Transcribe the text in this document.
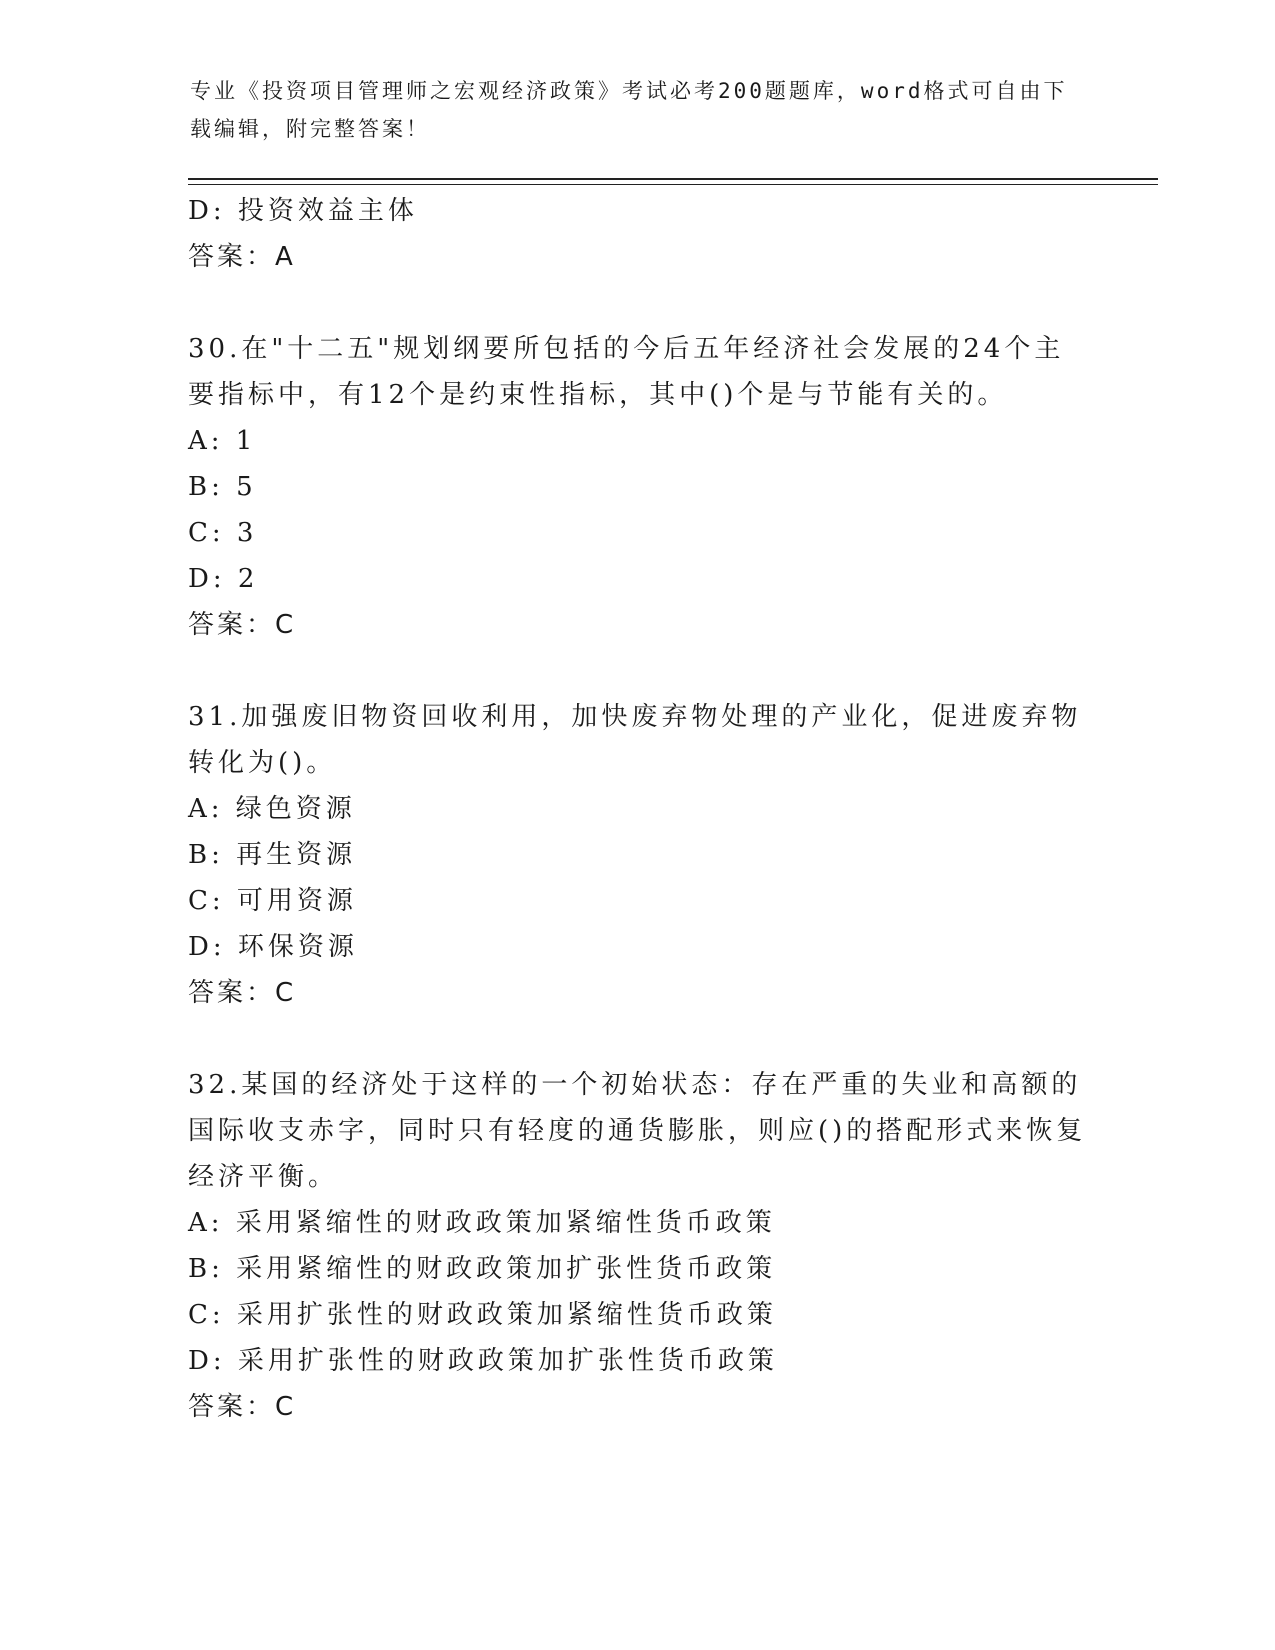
专业《投资项目管理师之宏观经济政策》考试必考200题题库，word格式可自由下载编辑，附完整答案！
D: 投资效益主体
答案：A
30.在"十二五"规划纲要所包括的今后五年经济社会发展的24个主要指标中，有12个是约束性指标，其中()个是与节能有关的。
A: 1
B: 5
C: 3
D: 2
答案：C
31.加强废旧物资回收利用，加快废弃物处理的产业化，促进废弃物转化为()。
A: 绿色资源
B: 再生资源
C: 可用资源
D: 环保资源
答案：C
32.某国的经济处于这样的一个初始状态：存在严重的失业和高额的国际收支赤字，同时只有轻度的通货膨胀，则应()的搭配形式来恢复经济平衡。
A: 采用紧缩性的财政政策加紧缩性货币政策
B: 采用紧缩性的财政政策加扩张性货币政策
C: 采用扩张性的财政政策加紧缩性货币政策
D: 采用扩张性的财政政策加扩张性货币政策
答案：C
